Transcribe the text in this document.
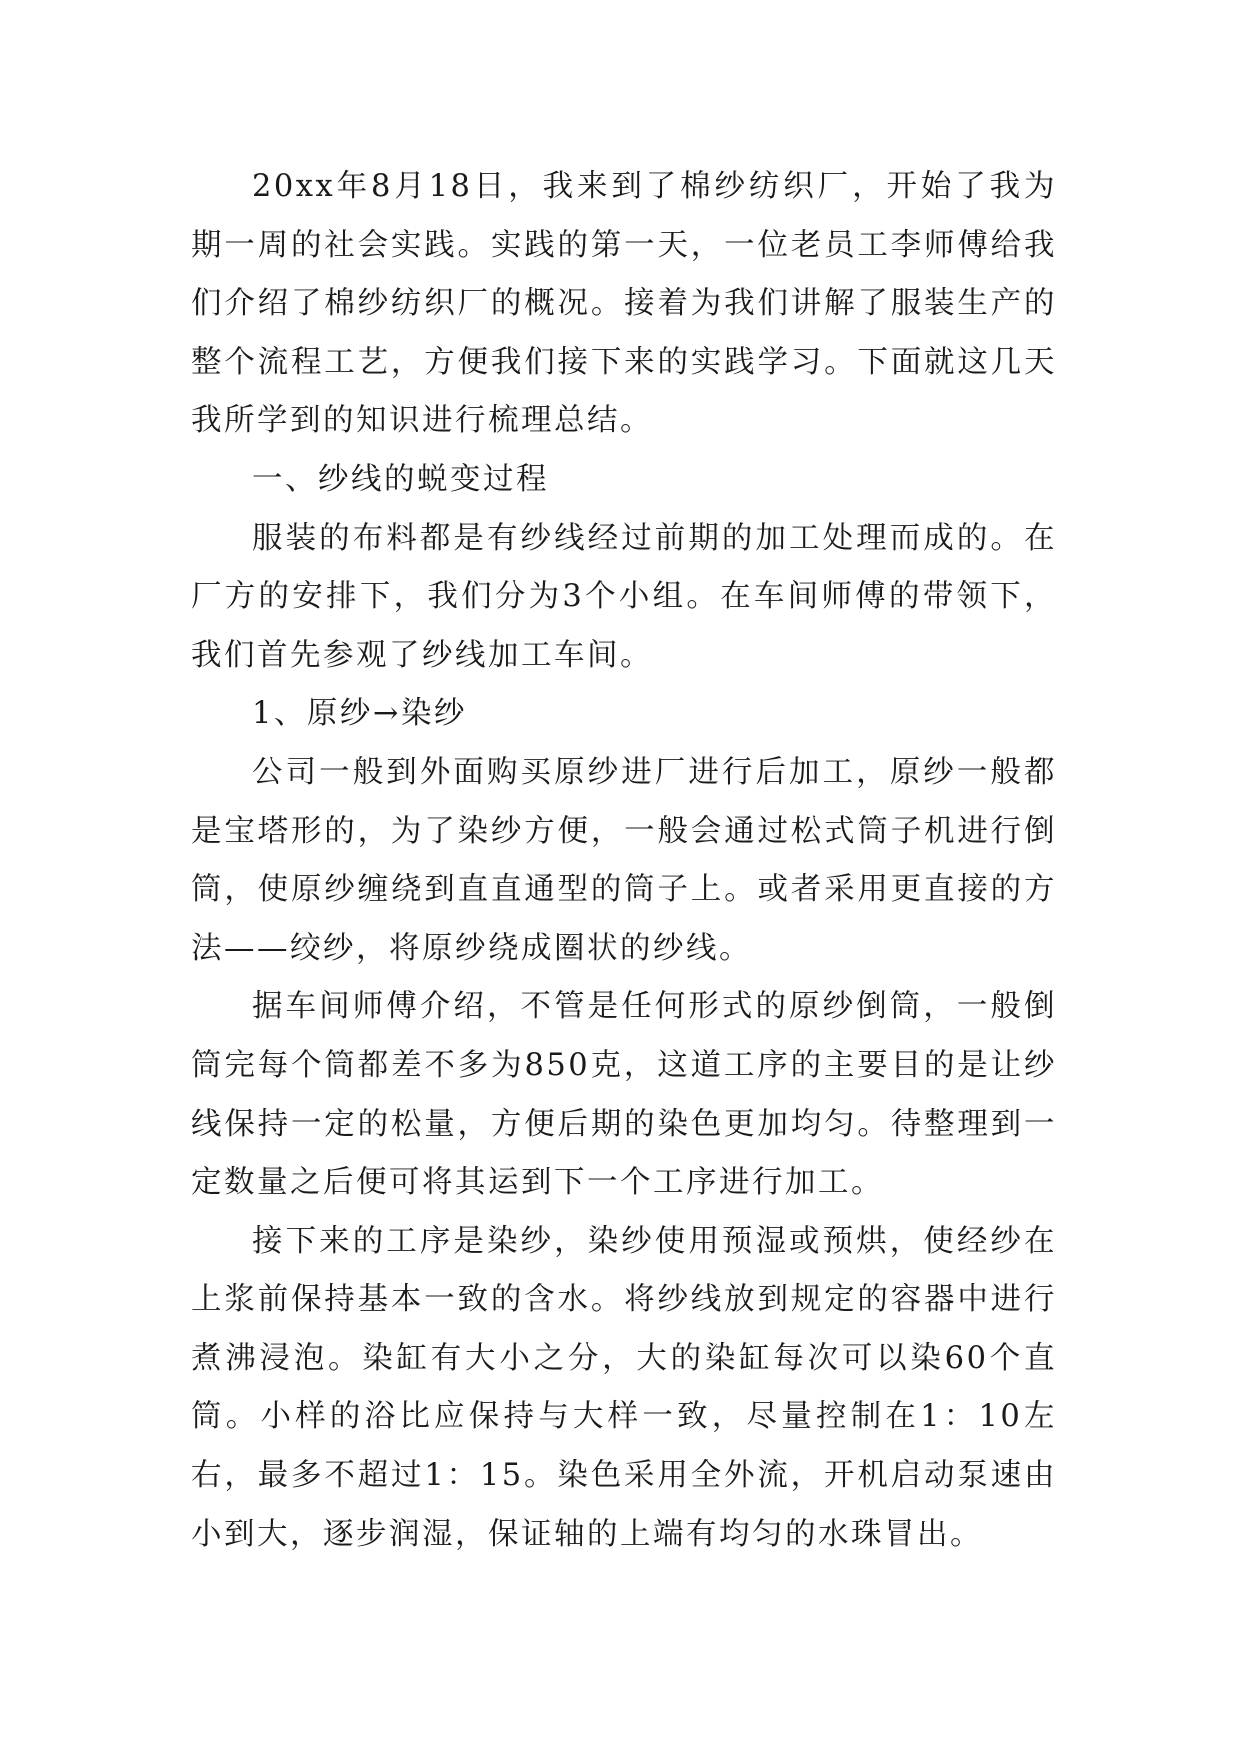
20xx年8月18日，我来到了棉纱纺织厂，开始了我为期一周的社会实践。实践的第一天，一位老员工李师傅给我们介绍了棉纱纺织厂的概况。接着为我们讲解了服装生产的整个流程工艺，方便我们接下来的实践学习。下面就这几天我所学到的知识进行梳理总结。

一、纱线的蜕变过程

服装的布料都是有纱线经过前期的加工处理而成的。在厂方的安排下，我们分为3个小组。在车间师傅的带领下，我们首先参观了纱线加工车间。

1、原纱→染纱

公司一般到外面购买原纱进厂进行后加工，原纱一般都是宝塔形的，为了染纱方便，一般会通过松式筒子机进行倒筒，使原纱缠绕到直直通型的筒子上。或者采用更直接的方法——绞纱，将原纱绕成圈状的纱线。

据车间师傅介绍，不管是任何形式的原纱倒筒，一般倒筒完每个筒都差不多为850克，这道工序的主要目的是让纱线保持一定的松量，方便后期的染色更加均匀。待整理到一定数量之后便可将其运到下一个工序进行加工。

接下来的工序是染纱，染纱使用预湿或预烘，使经纱在上浆前保持基本一致的含水。将纱线放到规定的容器中进行煮沸浸泡。染缸有大小之分，大的染缸每次可以染60个直筒。小样的浴比应保持与大样一致，尽量控制在1：10左右，最多不超过1：15。染色采用全外流，开机启动泵速由小到大，逐步润湿，保证轴的上端有均匀的水珠冒出。
